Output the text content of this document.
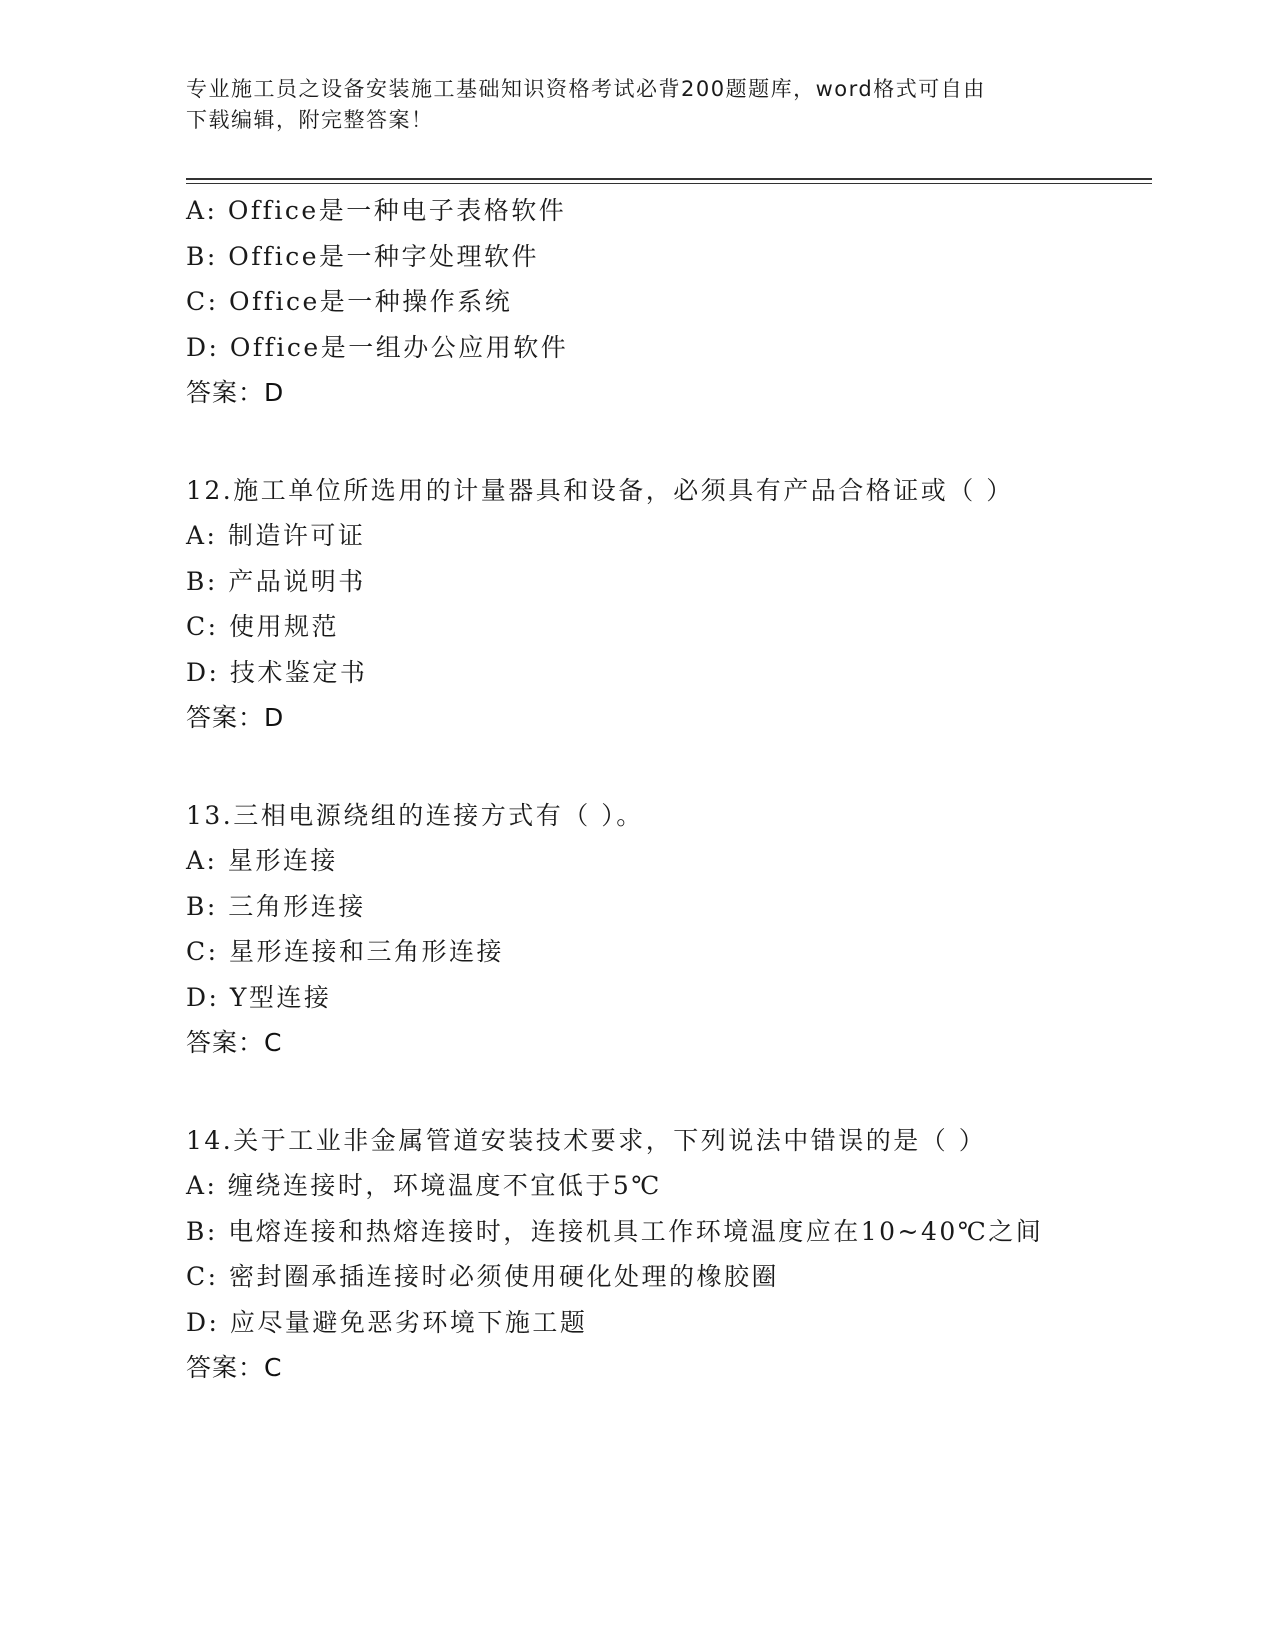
专业施工员之设备安装施工基础知识资格考试必背200题题库，word格式可自由
下载编辑，附完整答案！
A: Office是一种电子表格软件
B: Office是一种字处理软件
C: Office是一种操作系统
D: Office是一组办公应用软件
答案：D
12.施工单位所选用的计量器具和设备，必须具有产品合格证或（ ）
A: 制造许可证
B: 产品说明书
C: 使用规范
D: 技术鉴定书
答案：D
13.三相电源绕组的连接方式有（ ）。
A: 星形连接
B: 三角形连接
C: 星形连接和三角形连接
D: Y型连接
答案：C
14.关于工业非金属管道安装技术要求，下列说法中错误的是（ ）
A: 缠绕连接时，环境温度不宜低于5℃
B: 电熔连接和热熔连接时，连接机具工作环境温度应在10~40℃之间
C: 密封圈承插连接时必须使用硬化处理的橡胶圈
D: 应尽量避免恶劣环境下施工题
答案：C
